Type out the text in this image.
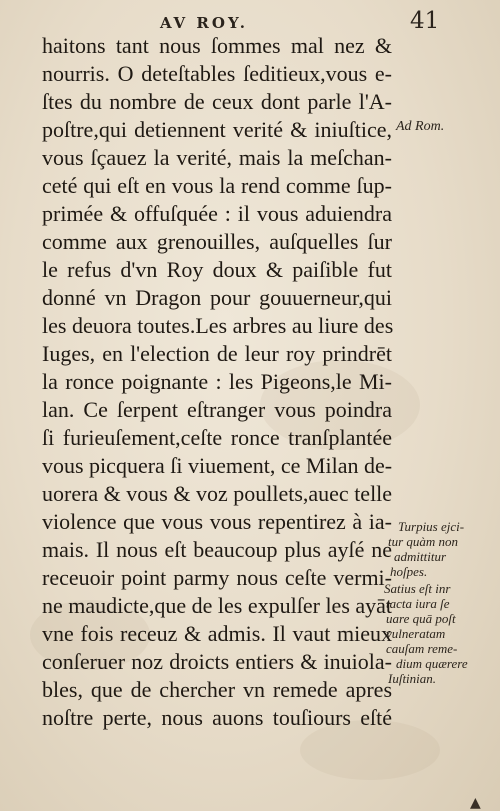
AV ROY.	41
haitons tant nous ſommes mal nez &
nourris. O deteſtables ſeditieux,vous e-
ſtes du nombre de ceux dont parle l'A-
poſtre,qui detiennent verité & iniuſtice,
vous ſçauez la verité, mais la meſchan-
ceté qui eſt en vous la rend comme ſup-
primée & offuſquée : il vous aduiendra
comme aux grenouilles, auſquelles ſur
le refus d'vn Roy doux & paiſible fut
donné vn Dragon pour gouuerneur,qui
les deuora toutes.Les arbres au liure des
Iuges, en l'election de leur roy prindrēt
la ronce poignante : les Pigeons,le Mi-
lan. Ce ſerpent eſtranger vous poindra
ſi furieuſement,ceſte ronce tranſplantée
vous picquera ſi viuement, ce Milan de-
uorera & vous & voz poullets,auec telle
violence que vous vous repentirez à ia-
mais. Il nous eſt beaucoup plus ayſé ne
receuoir point parmy nous ceſte vermi-
ne maudicte,que de les expulſer les ayāt
vne fois receuz & admis. Il vaut mieux
conſeruer noz droicts entiers & inuiola-
bles, que de chercher vn remede apres
noſtre perte, nous auons touſiours eſté
Ad Rom.
Turpius ejci-
tur quàm non
admittitur
hoſpes.
Satius eſt inr
tacta iura ſe
uare quā poſt
vulneratam
cauſam reme-
dium quærere
Iuſtinian.
▲
